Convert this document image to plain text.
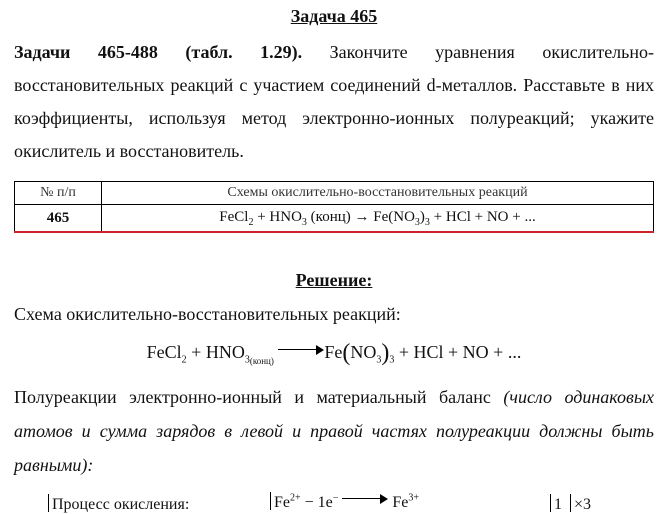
Задача 465
Задачи 465-488 (табл. 1.29). Закончите уравнения окислительно-восстановительных реакций с участием соединений d-металлов. Расставьте в них коэффициенты, используя метод электронно-ионных полуреакций; укажите окислитель и восстановитель.
№ п/п	Схемы окислительно-восстановительных реакций
465	FeCl$_2$ + $HNO_3$ (конц) → $Fe(NO_3)_3$ + HCl + NO + ...
Решение:
Схема окислительно-восстановительных реакций:
FeCl$_2$ + $HNO_{3(конц)}$	$Fe(NO_3)_3$ + HCl + NO + ...
Полуреакции электронно-ионный и материальный баланс (число одинаковых атомов и сумма зарядов в левой и правой частях полуреакции должны быть равными):
Процесс окисления:	$Fe^{2+} - 1e^-$	$Fe^{3+}$	1 ×3
